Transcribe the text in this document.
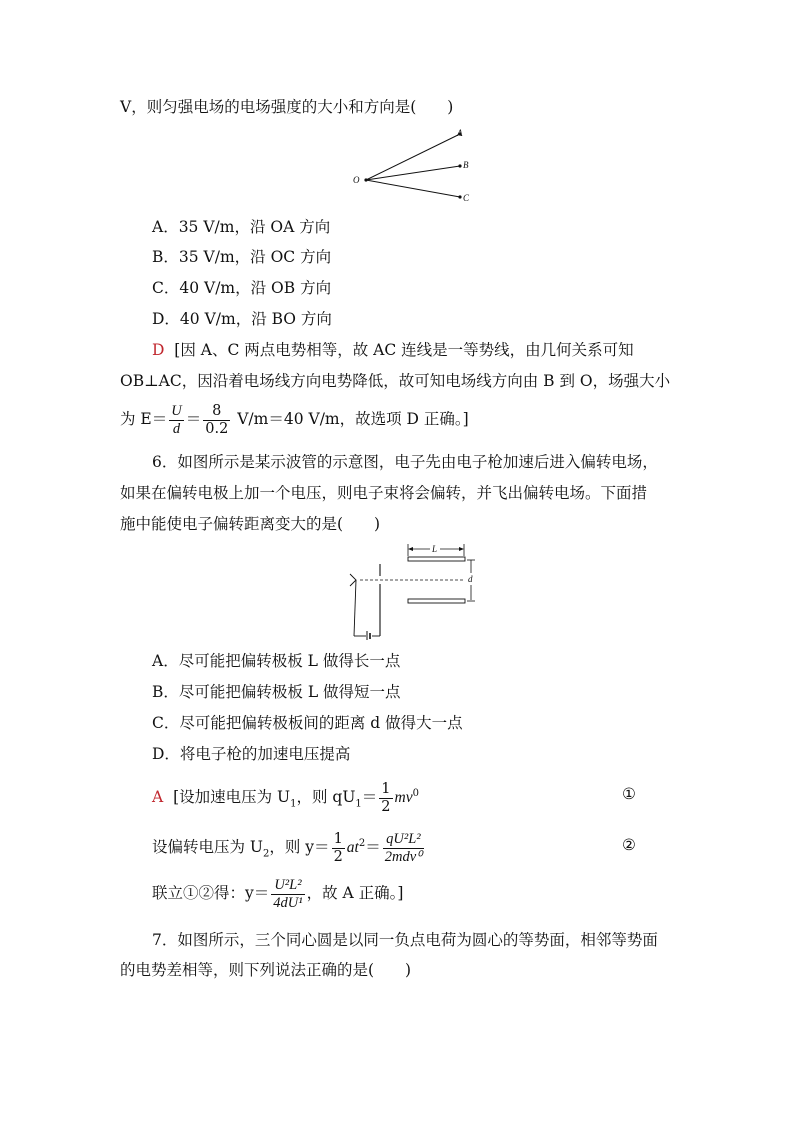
V，则匀强电场的电场强度的大小和方向是(　　)
O
A
B
C
A．35 V/m，沿 OA 方向
B．35 V/m，沿 OC 方向
C．40 V/m，沿 OB 方向
D．40 V/m，沿 BO 方向
D [因 A、C 两点电势相等，故 AC 连线是一等势线，由几何关系可知
OB⊥AC，因沿着电场线方向电势降低，故可知电场线方向由 B 到 O，场强大小
为 $E= \frac{U}{d} = \frac{8}{0.2} V/m=40$ V/m，故选项 D 正确。]
6．如图所示是某示波管的示意图，电子先由电子枪加速后进入偏转电场，
如果在偏转电极上加一个电压，则电子束将会偏转，并飞出偏转电场。下面措
施中能使电子偏转距离变大的是(　　)
L
d
A．尽可能把偏转极板 L 做得长一点
B．尽可能把偏转极板 L 做得短一点
C．尽可能把偏转极板间的距离 d 做得大一点
D．将电子枪的加速电压提高
A [设加速电压为 $U_1$，则 $qU_1= \frac{1}{2} mv^0$	①
设偏转电压为 $U_2$，则 $y= \frac{1}{2} at^2= \frac{\text{qU²L²}}{\text{2mdv⁰}}$	②
联立①②得：$y= \frac{\text{U²L²}}{\text{4dU¹}}$ ，故 A 正确。]
7．如图所示，三个同心圆是以同一负点电荷为圆心的等势面，相邻等势面
的电势差相等，则下列说法正确的是(　　)
